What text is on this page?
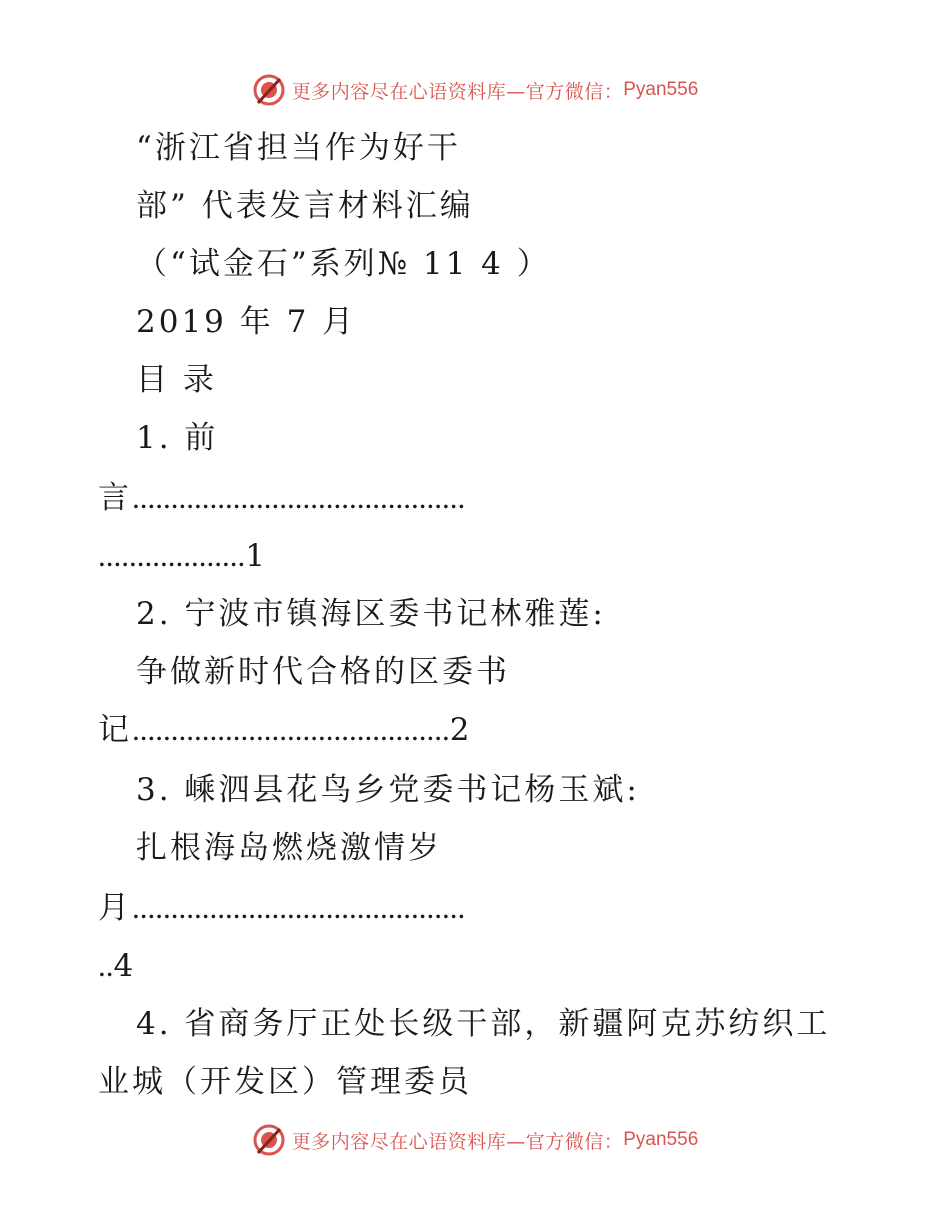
更多内容尽在心语资料库—官方微信： Pyan556
“浙江省担当作为好干
部” 代表发言材料汇编
（“试金石”系列№ 11 4 ）
2019 年 7 月
目 录
1. 前
言...........................................
...................1
2. 宁波市镇海区委书记林雅莲:
争做新时代合格的区委书
记.........................................2
3. 嵊泗县花鸟乡党委书记杨玉斌:
扎根海岛燃烧激情岁
月...........................................
..4
4. 省商务厅正处长级干部，新疆阿克苏纺织工
业城（开发区）管理委员
更多内容尽在心语资料库—官方微信： Pyan556
